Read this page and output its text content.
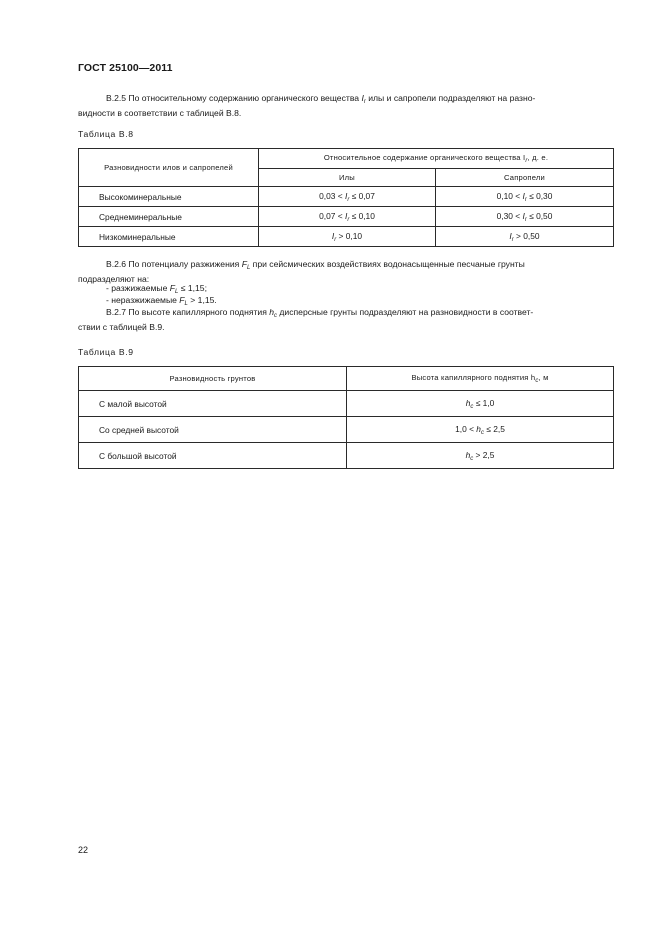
ГОСТ 25100—2011
B.2.5 По относительному содержанию органического вещества $I_r$ илы и сапропели подразделяют на разно-
видности в соответствии с таблицей В.8.
Таблица В.8
Разновидности илов и сапропелей	Относительное содержание органического вещества $I_r$, д. е.	
	Илы	Сапропели
Высокоминеральные	$0,03 < I_r \le 0,07$	$0,10 < I_r \le 0,30$
Среднеминеральные	$0,07 < I_r \le 0,10$	$0,30 < I_r \le 0,50$
Низкоминеральные	$I_r > 0,10$	$I_r > 0,50$
B.2.6 По потенциалу разжижения $F_L$ при сейсмических воздействиях водонасыщенные песчаные грунты
подразделяют на:
- разжижаемые $F_L \le 1,15$;
- неразжижаемые $F_L > 1,15$.
B.2.7 По высоте капиллярного поднятия $h_c$ дисперсные грунты подразделяют на разновидности в соответ-
ствии с таблицей В.9.
Таблица В.9
Разновидность грунтов	Высота капиллярного поднятия $h_c$, м
С малой высотой	$h_c \le 1,0$
Со средней высотой	$1,0 < h_c \le 2,5$
С большой высотой	$h_c > 2,5$
22
